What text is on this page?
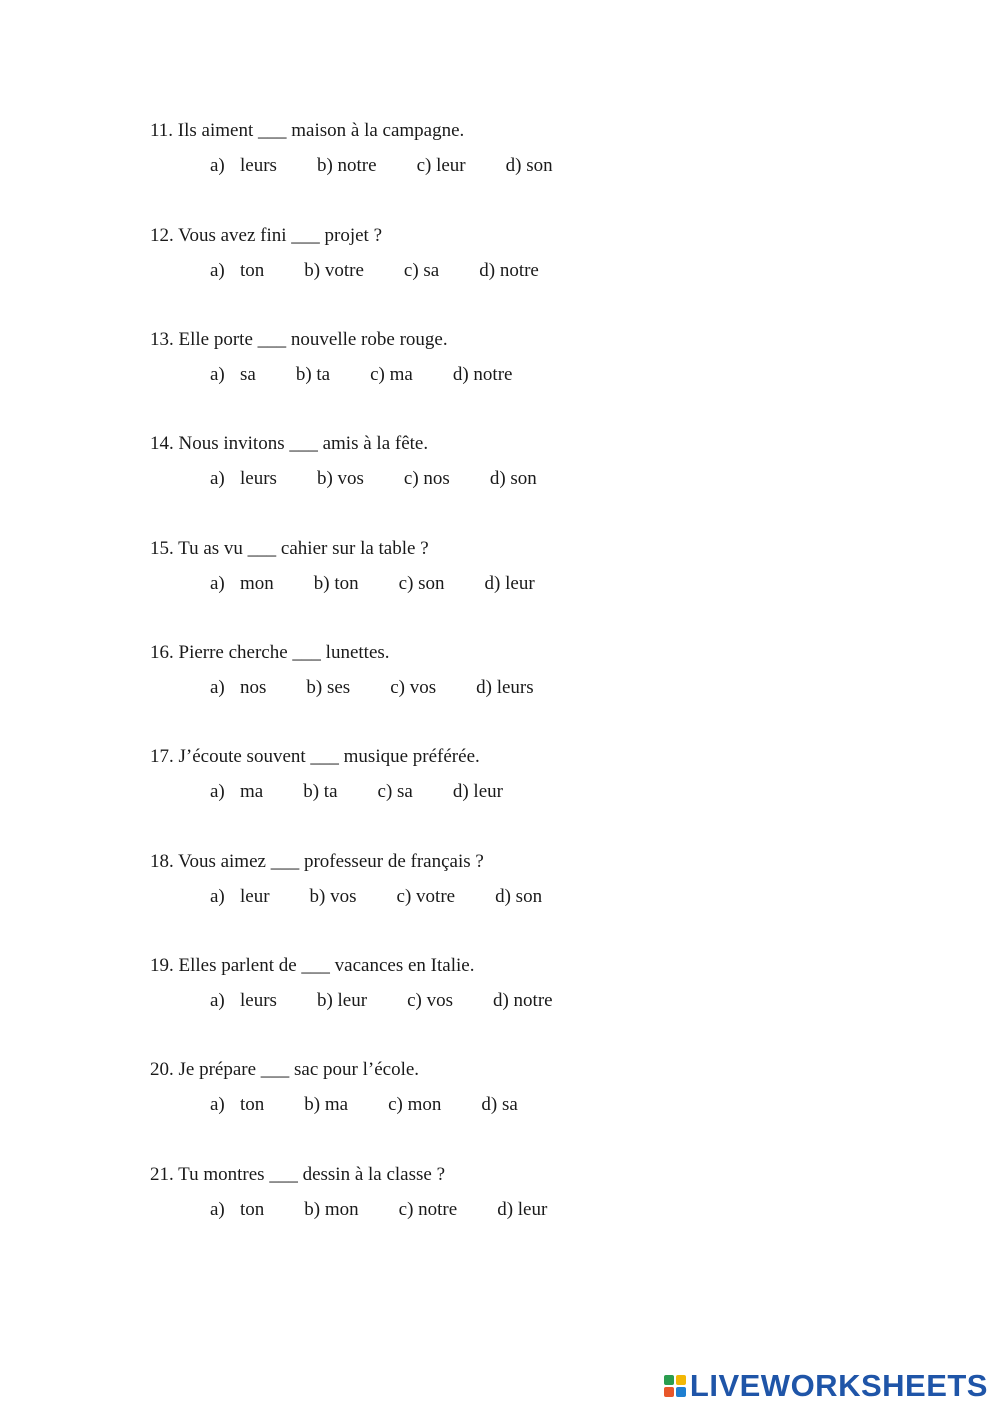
11. Ils aiment ___ maison à la campagne.
a) leurs b) notre c) leur d) son
12. Vous avez fini ___ projet ?
a) ton b) votre c) sa d) notre
13. Elle porte ___ nouvelle robe rouge.
a) sa b) ta c) ma d) notre
14. Nous invitons ___ amis à la fête.
a) leurs b) vos c) nos d) son
15. Tu as vu ___ cahier sur la table ?
a) mon b) ton c) son d) leur
16. Pierre cherche ___ lunettes.
a) nos b) ses c) vos d) leurs
17. J’écoute souvent ___ musique préférée.
a) ma b) ta c) sa d) leur
18. Vous aimez ___ professeur de français ?
a) leur b) vos c) votre d) son
19. Elles parlent de ___ vacances en Italie.
a) leurs b) leur c) vos d) notre
20. Je prépare ___ sac pour l’école.
a) ton b) ma c) mon d) sa
21. Tu montres ___ dessin à la classe ?
a) ton b) mon c) notre d) leur
LIVEWORKSHEETS
